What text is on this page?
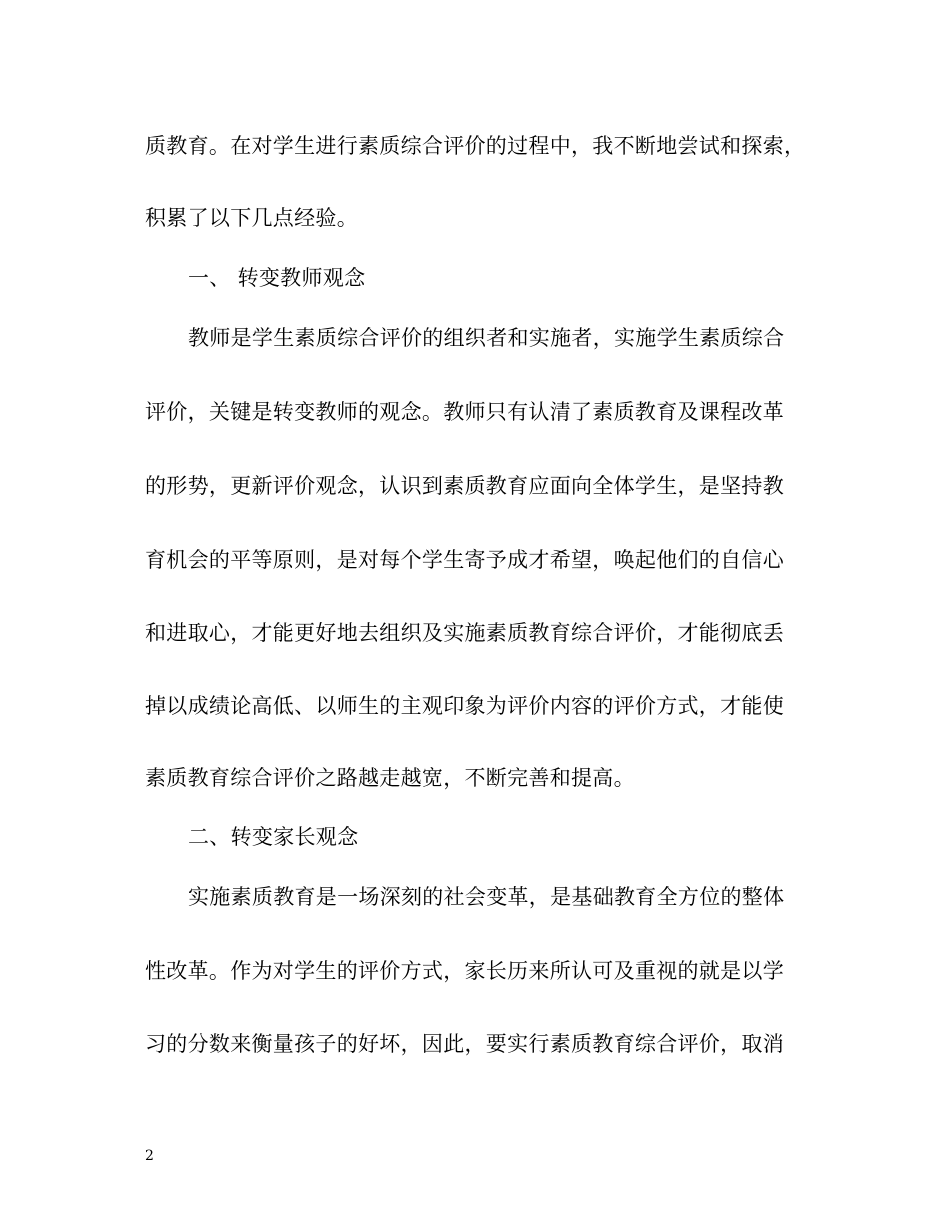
质教育。在对学生进行素质综合评价的过程中，我不断地尝试和探索，
积累了以下几点经验。
一、 转变教师观念
教师是学生素质综合评价的组织者和实施者，实施学生素质综合
评价，关键是转变教师的观念。教师只有认清了素质教育及课程改革
的形势，更新评价观念，认识到素质教育应面向全体学生，是坚持教
育机会的平等原则，是对每个学生寄予成才希望，唤起他们的自信心
和进取心，才能更好地去组织及实施素质教育综合评价，才能彻底丢
掉以成绩论高低、以师生的主观印象为评价内容的评价方式，才能使
素质教育综合评价之路越走越宽，不断完善和提高。
二、转变家长观念
实施素质教育是一场深刻的社会变革，是基础教育全方位的整体
性改革。作为对学生的评价方式，家长历来所认可及重视的就是以学
习的分数来衡量孩子的好坏，因此，要实行素质教育综合评价，取消
2
